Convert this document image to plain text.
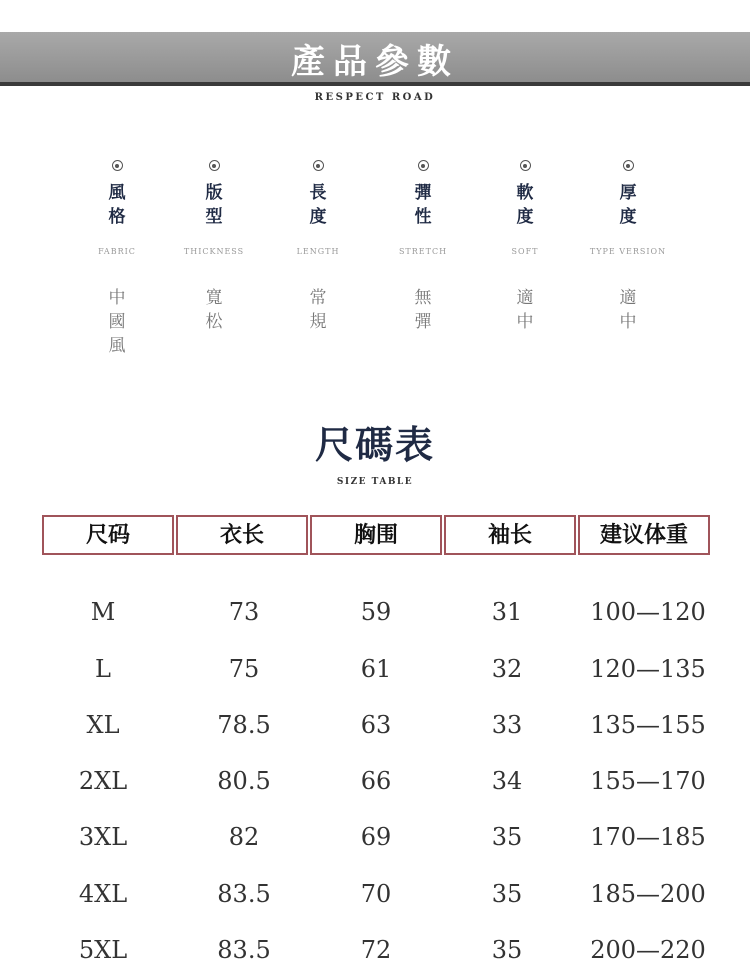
產品參數
RESPECT ROAD
風格
FABRIC
中國風
版型
THICKNESS
寬松
長度
LENGTH
常規
彈性
STRETCH
無彈
軟度
SOFT
適中
厚度
TYPE VERSION
適中
尺碼表
SIZE TABLE
尺码	衣长	胸围	袖长	建议体重
M	73	59	31	100—120
L	75	61	32	120—135
XL	78.5	63	33	135—155
2XL	80.5	66	34	155—170
3XL	82	69	35	170—185
4XL	83.5	70	35	185—200
5XL	83.5	72	35	200—220
